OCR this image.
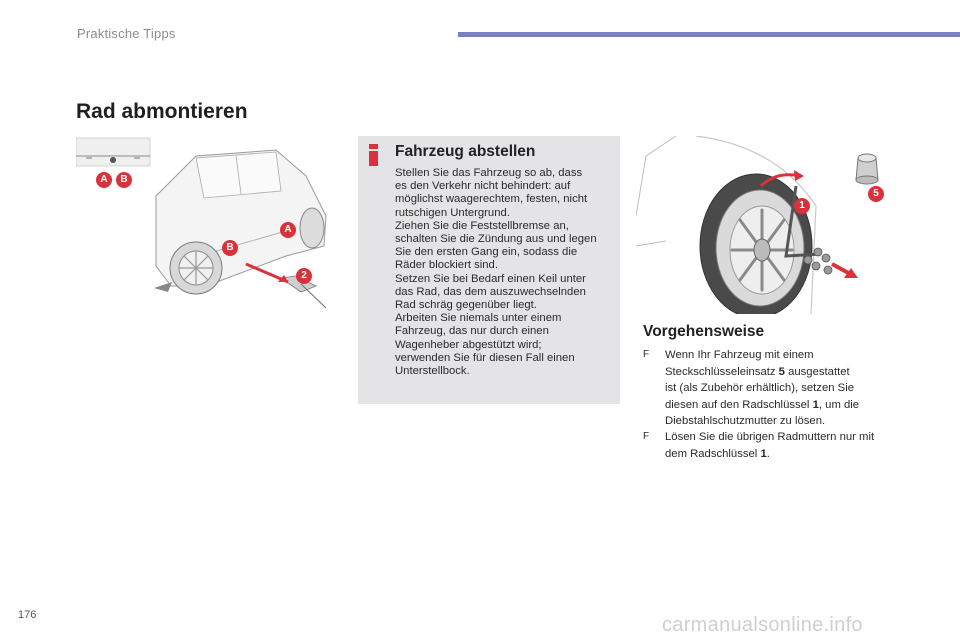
Praktische Tipps
Rad abmontieren
A	B
A
B
2
Fahrzeug abstellen

Stellen Sie das Fahrzeug so ab, dass

es den Verkehr nicht behindert: auf

möglichst waagerechtem, festen, nicht

rutschigen Untergrund.

Ziehen Sie die Feststellbremse an,

schalten Sie die Zündung aus und legen

Sie den ersten Gang ein, sodass die

Räder blockiert sind.

Setzen Sie bei Bedarf einen Keil unter

das Rad, das dem auszuwechselnden

Rad schräg gegenüber liegt.

Arbeiten Sie niemals unter einem

Fahrzeug, das nur durch einen

Wagenheber abgestützt wird;

verwenden Sie für diesen Fall einen

Unterstellbock.

5
1
Vorgehensweise
F	Wenn Ihr Fahrzeug mit einem
Steckschlüsseleinsatz 5 ausgestattet
ist (als Zubehör erhältlich), setzen Sie
diesen auf den Radschlüssel 1, um die
Diebstahlschutzmutter zu lösen.
F	Lösen Sie die übrigen Radmuttern nur mit
dem Radschlüssel 1.
176	carmanualsonline.info
